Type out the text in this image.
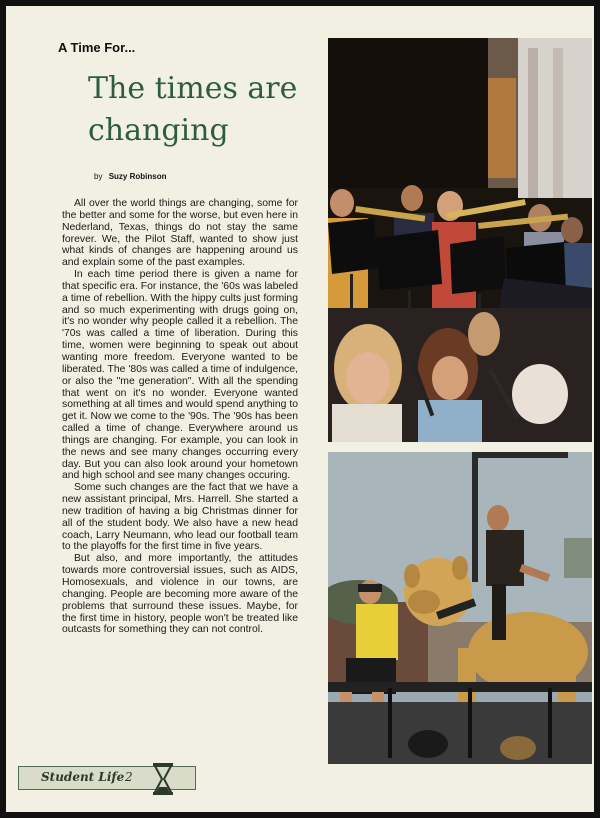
A Time For...
The times are changing
by Suzy Robinson

All over the world things are changing, some for the better and some for the worse, but even here in Nederland, Texas, things do not stay the same forever. We, the Pilot Staff, wanted to show just what kinds of changes are happening around us and explain some of the past examples.

In each time period there is given a name for that specific era. For instance, the '60s was labeled a time of rebellion. With the hippy cults just forming and so much experimenting with drugs going on, it's no wonder why people called it a rebellion. The '70s was called a time of liberation. During this time, women were beginning to speak out about wanting more freedom. Everyone wanted to be liberated. The '80s was called a time of indulgence, or also the "me generation". With all the spending that went on it's no wonder. Everyone wanted something at all times and would spend anything to get it. Now we come to the '90s. The '90s has been called a time of change. Everywhere around us things are changing. For example, you can look in the news and see many changes occurring every day. But you can also look around your hometown and high school and see many changes occuring.

Some such changes are the fact that we have a new assistant principal, Mrs. Harrell. She started a new tradition of having a big Christmas dinner for all of the student body. We also have a new head coach, Larry Neumann, who lead our football team to the playoffs for the first time in five years.

But also, and more importantly, the attitudes towards more controversial issues, such as AIDS, Homosexuals, and violence in our towns, are changing. People are becoming more aware of the problems that surround these issues. Maybe, for the first time in history, people won't be treated like outcasts for something they can not control.

Student Life 2
